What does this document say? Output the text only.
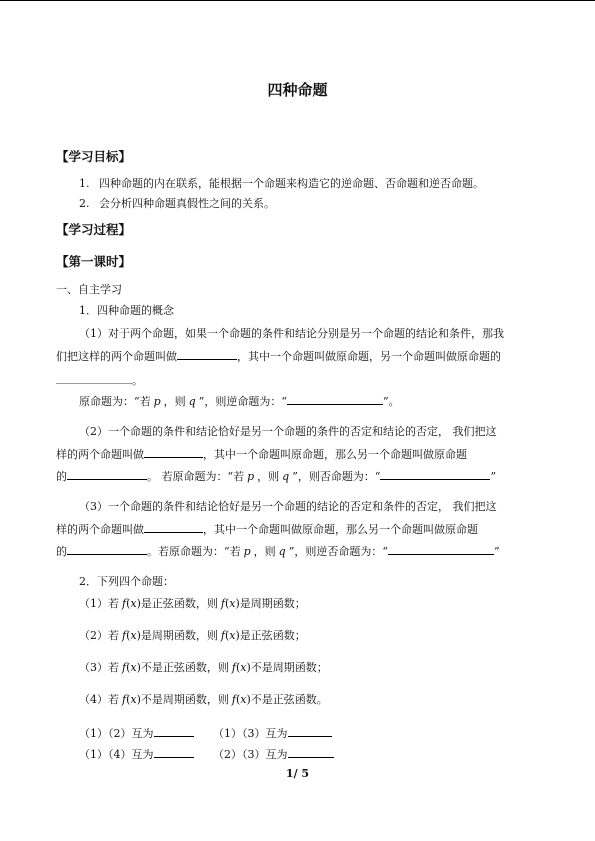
四种命题
【学习目标】
1. 四种命题的内在联系，能根据一个命题来构造它的逆命题、否命题和逆否命题。
2. 会分析四种命题真假性之间的关系。
【学习过程】
【第一课时】
一、自主学习
1．四种命题的概念
（1）对于两个命题，如果一个命题的条件和结论分别是另一个命题的结论和条件，那我
们把这样的两个命题叫做	，其中一个命题叫做原命题，另一个命题叫做原命题的
。
原命题为：“若 p ，则 q ”，则逆命题为：“	”。
（2）一个命题的条件和结论恰好是另一个命题的条件的否定和结论的否定， 我们把这
样的两个命题叫做	，其中一个命题叫原命题，那么另一个命题叫做原命题
的	。 若原命题为：“若 p ，则 q ”，则否命题为：“	”
（3）一个命题的条件和结论恰好是另一个命题的结论的否定和条件的否定， 我们把这
样的两个命题叫做	，其中一个命题叫做原命题，那么另一个命题叫做原命题
的	。若原命题为：“若 p ，则 q ”，则逆否命题为：“	”
2．下列四个命题：
（1）若 f(x)是正弦函数，则 f(x)是周期函数；
（2）若 f(x)是周期函数，则 f(x)是正弦函数；
（3）若 f(x)不是正弦函数，则 f(x)不是周期函数；
（4）若 f(x)不是周期函数，则 f(x)不是正弦函数。
（1）（2）互为	（1）（3）互为
（1）（4）互为	（2）（3）互为
1/ 5
